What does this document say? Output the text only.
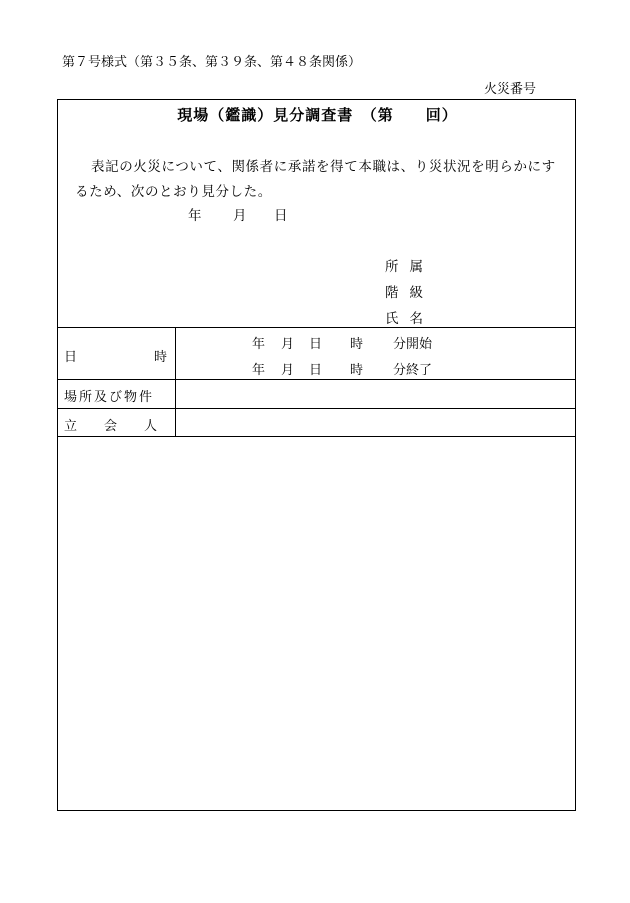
第７号様式（第３５条、第３９条、第４８条関係）
火災番号
現場（鑑識）見分調査書　（第　　回）
表記の火災について、関係者に承諾を得て本職は、り災状況を明らかにす
るため、次のとおり見分した。
年 月 日
所属
階級
氏名
日	時
年 月 日 時 分開始
年 月 日 時 分終了
場所及び物件
立 会 人
